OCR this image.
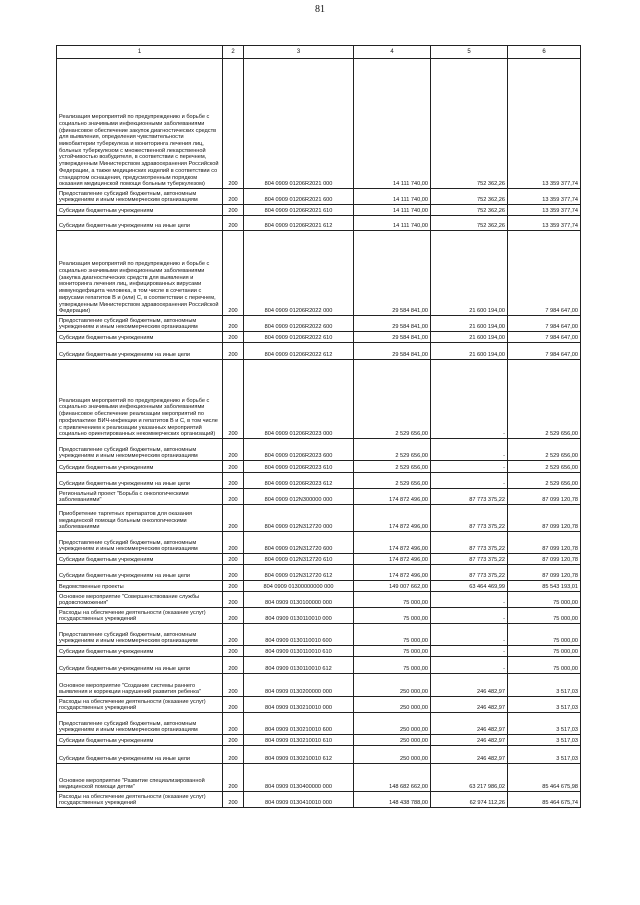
81
1	2	3	4	5	6
Реализация мероприятий по предупреждению и борьбе с социально значимыми инфекционными заболеваниями (финансовое обеспечение закупок диагностических средств для выявления, определения чувствительности микобактерии туберкулеза и мониторинга лечения лиц, больных туберкулезом с множественной лекарственной устойчивостью возбудителя, в соответствии с перечнем, утвержденным Министерством здравоохранения Российской Федерации, а также медицинских изделий в соответствии со стандартом оснащения, предусмотренным порядком оказания медицинской помощи больным туберкулезом)	200	804 0909 01206R2021 000	14 111 740,00	752 362,26	13 359 377,74
Предоставление субсидий бюджетным, автономным учреждениям и иным некоммерческим организациям	200	804 0909 01206R2021 600	14 111 740,00	752 362,26	13 359 377,74
Субсидии бюджетным учреждениям	200	804 0909 01206R2021 610	14 111 740,00	752 362,26	13 359 377,74
Субсидии бюджетным учреждениям на иные цели	200	804 0909 01206R2021 612	14 111 740,00	752 362,26	13 359 377,74
Реализация мероприятий по предупреждению и борьбе с социально значимыми инфекционными заболеваниями (закупка диагностических средств для выявления и мониторинга лечения лиц, инфицированных вирусами иммунодефицита человека, в том числе в сочетании с вирусами гепатитов B и (или) C, в соответствии с перечнем, утвержденным Министерством здравоохранения Российской Федерации)	200	804 0909 01206R2022 000	29 584 841,00	21 600 194,00	7 984 647,00
Предоставление субсидий бюджетным, автономным учреждениям и иным некоммерческим организациям	200	804 0909 01206R2022 600	29 584 841,00	21 600 194,00	7 984 647,00
Субсидии бюджетным учреждениям	200	804 0909 01206R2022 610	29 584 841,00	21 600 194,00	7 984 647,00
Субсидии бюджетным учреждениям на иные цели	200	804 0909 01206R2022 612	29 584 841,00	21 600 194,00	7 984 647,00
Реализация мероприятий по предупреждению и борьбе с социально значимыми инфекционными заболеваниями (финансовое обеспечение реализации мероприятий по профилактике ВИЧ-инфекции и гепатитов B и C, в том числе с привлечением к реализации указанных мероприятий социально ориентированных некоммерческих организаций)	200	804 0909 01206R2023 000	2 529 656,00	-	2 529 656,00
Предоставление субсидий бюджетным, автономным учреждениям и иным некоммерческим организациям	200	804 0909 01206R2023 600	2 529 656,00	-	2 529 656,00
Субсидии бюджетным учреждениям	200	804 0909 01206R2023 610	2 529 656,00	-	2 529 656,00
Субсидии бюджетным учреждениям на иные цели	200	804 0909 01206R2023 612	2 529 656,00	-	2 529 656,00
Региональный проект "Борьба с онкологическими заболеваниями"	200	804 0909 012N300000 000	174 872 496,00	87 773 375,22	87 099 120,78
Приобретение таргетных препаратов для оказания медицинской помощи больным онкологическими заболеваниями	200	804 0909 012N312720 000	174 872 496,00	87 773 375,22	87 099 120,78
Предоставление субсидий бюджетным, автономным учреждениям и иным некоммерческим организациям	200	804 0909 012N312720 600	174 872 496,00	87 773 375,22	87 099 120,78
Субсидии бюджетным учреждениям	200	804 0909 012N312720 610	174 872 496,00	87 773 375,22	87 099 120,78
Субсидии бюджетным учреждениям на иные цели	200	804 0909 012N312720 612	174 872 496,00	87 773 375,22	87 099 120,78
Ведомственные проекты	200	804 0909 01300000000 000	149 007 662,00	63 464 469,99	85 543 193,01
Основное мероприятие "Совершенствование службы родовспоможения"	200	804 0909 0130100000 000	75 000,00	-	75 000,00
Расходы на обеспечение деятельности (оказание услуг) государственных учреждений	200	804 0909 0130110010 000	75 000,00	-	75 000,00
Предоставление субсидий бюджетным, автономным учреждениям и иным некоммерческим организациям	200	804 0909 0130110010 600	75 000,00	-	75 000,00
Субсидии бюджетным учреждениям	200	804 0909 0130110010 610	75 000,00	-	75 000,00
Субсидии бюджетным учреждениям на иные цели	200	804 0909 0130110010 612	75 000,00	-	75 000,00
Основное мероприятие "Создание системы раннего выявления и коррекции нарушений развития ребенка"	200	804 0909 0130200000 000	250 000,00	246 482,97	3 517,03
Расходы на обеспечение деятельности (оказание услуг) государственных учреждений	200	804 0909 0130210010 000	250 000,00	246 482,97	3 517,03
Предоставление субсидий бюджетным, автономным учреждениям и иным некоммерческим организациям	200	804 0909 0130210010 600	250 000,00	246 482,97	3 517,03
Субсидии бюджетным учреждениям	200	804 0909 0130210010 610	250 000,00	246 482,97	3 517,03
Субсидии бюджетным учреждениям на иные цели	200	804 0909 0130210010 612	250 000,00	246 482,97	3 517,03
Основное мероприятие "Развитие специализированной медицинской помощи детям"	200	804 0909 0130400000 000	148 682 662,00	63 217 986,02	85 464 675,98
Расходы на обеспечение деятельности (оказание услуг) государственных учреждений	200	804 0909 0130410010 000	148 438 788,00	62 974 112,26	85 464 675,74
